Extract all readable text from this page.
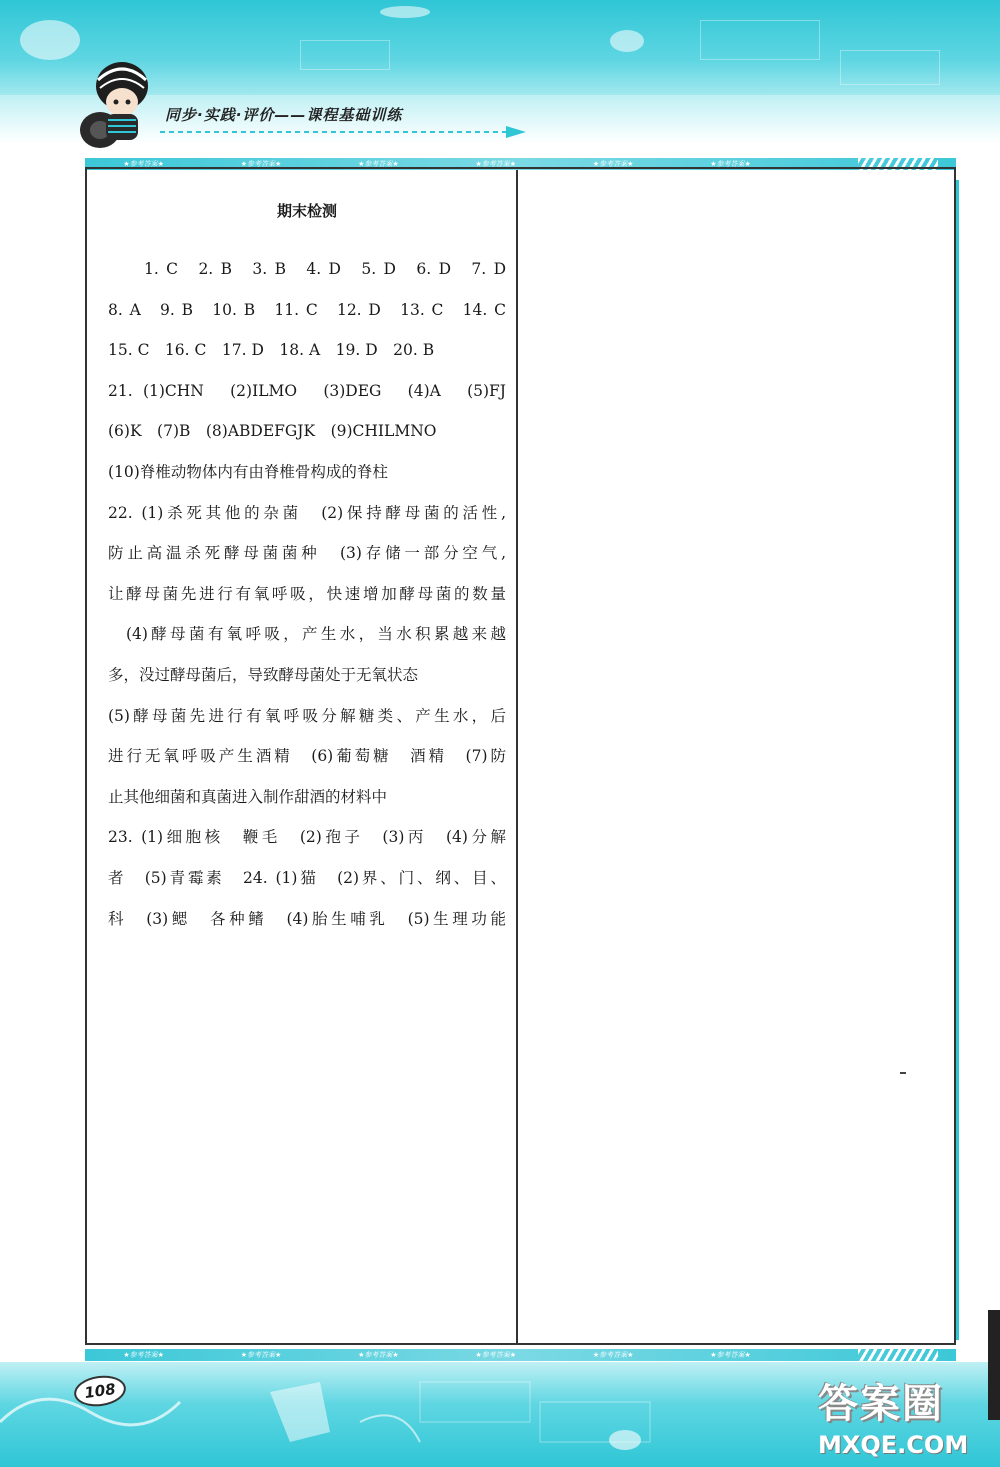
同步·实践·评价——课程基础训练
★参考答案★	★参考答案★	★参考答案★	★参考答案★	★参考答案★	★参考答案★
期末检测
1. C　2. B　3. B　4. D　5. D　6. D　7. D
8. A　9. B　10. B　11. C　12. D　13. C　14. C
15. C　16. C　17. D　18. A　19. D　20. B
21. (1)CHN　(2)ILMO　(3)DEG　(4)A　(5)FJ
(6)K　(7)B　(8)ABDEFGJK　(9)CHILMNO
(10)脊椎动物体内有由脊椎骨构成的脊柱
22. (1)杀死其他的杂菌　(2)保持酵母菌的活性,
防止高温杀死酵母菌菌种　(3)存储一部分空气,
让酵母菌先进行有氧呼吸，快速增加酵母菌的数量
(4)酵母菌有氧呼吸，产生水，当水积累越来越
多，没过酵母菌后，导致酵母菌处于无氧状态
(5)酵母菌先进行有氧呼吸分解糖类、产生水，后
进行无氧呼吸产生酒精　(6)葡萄糖　酒精　(7)防
止其他细菌和真菌进入制作甜酒的材料中
23. (1)细胞核　鞭毛　(2)孢子　(3)丙　(4)分解
者　(5)青霉素　24. (1)猫　(2)界、门、纲、目、
科　(3)鳃　各种鳍　(4)胎生哺乳　(5)生理功能
★参考答案★	★参考答案★	★参考答案★	★参考答案★	★参考答案★	★参考答案★
108	答案圈
MXQE.COM
